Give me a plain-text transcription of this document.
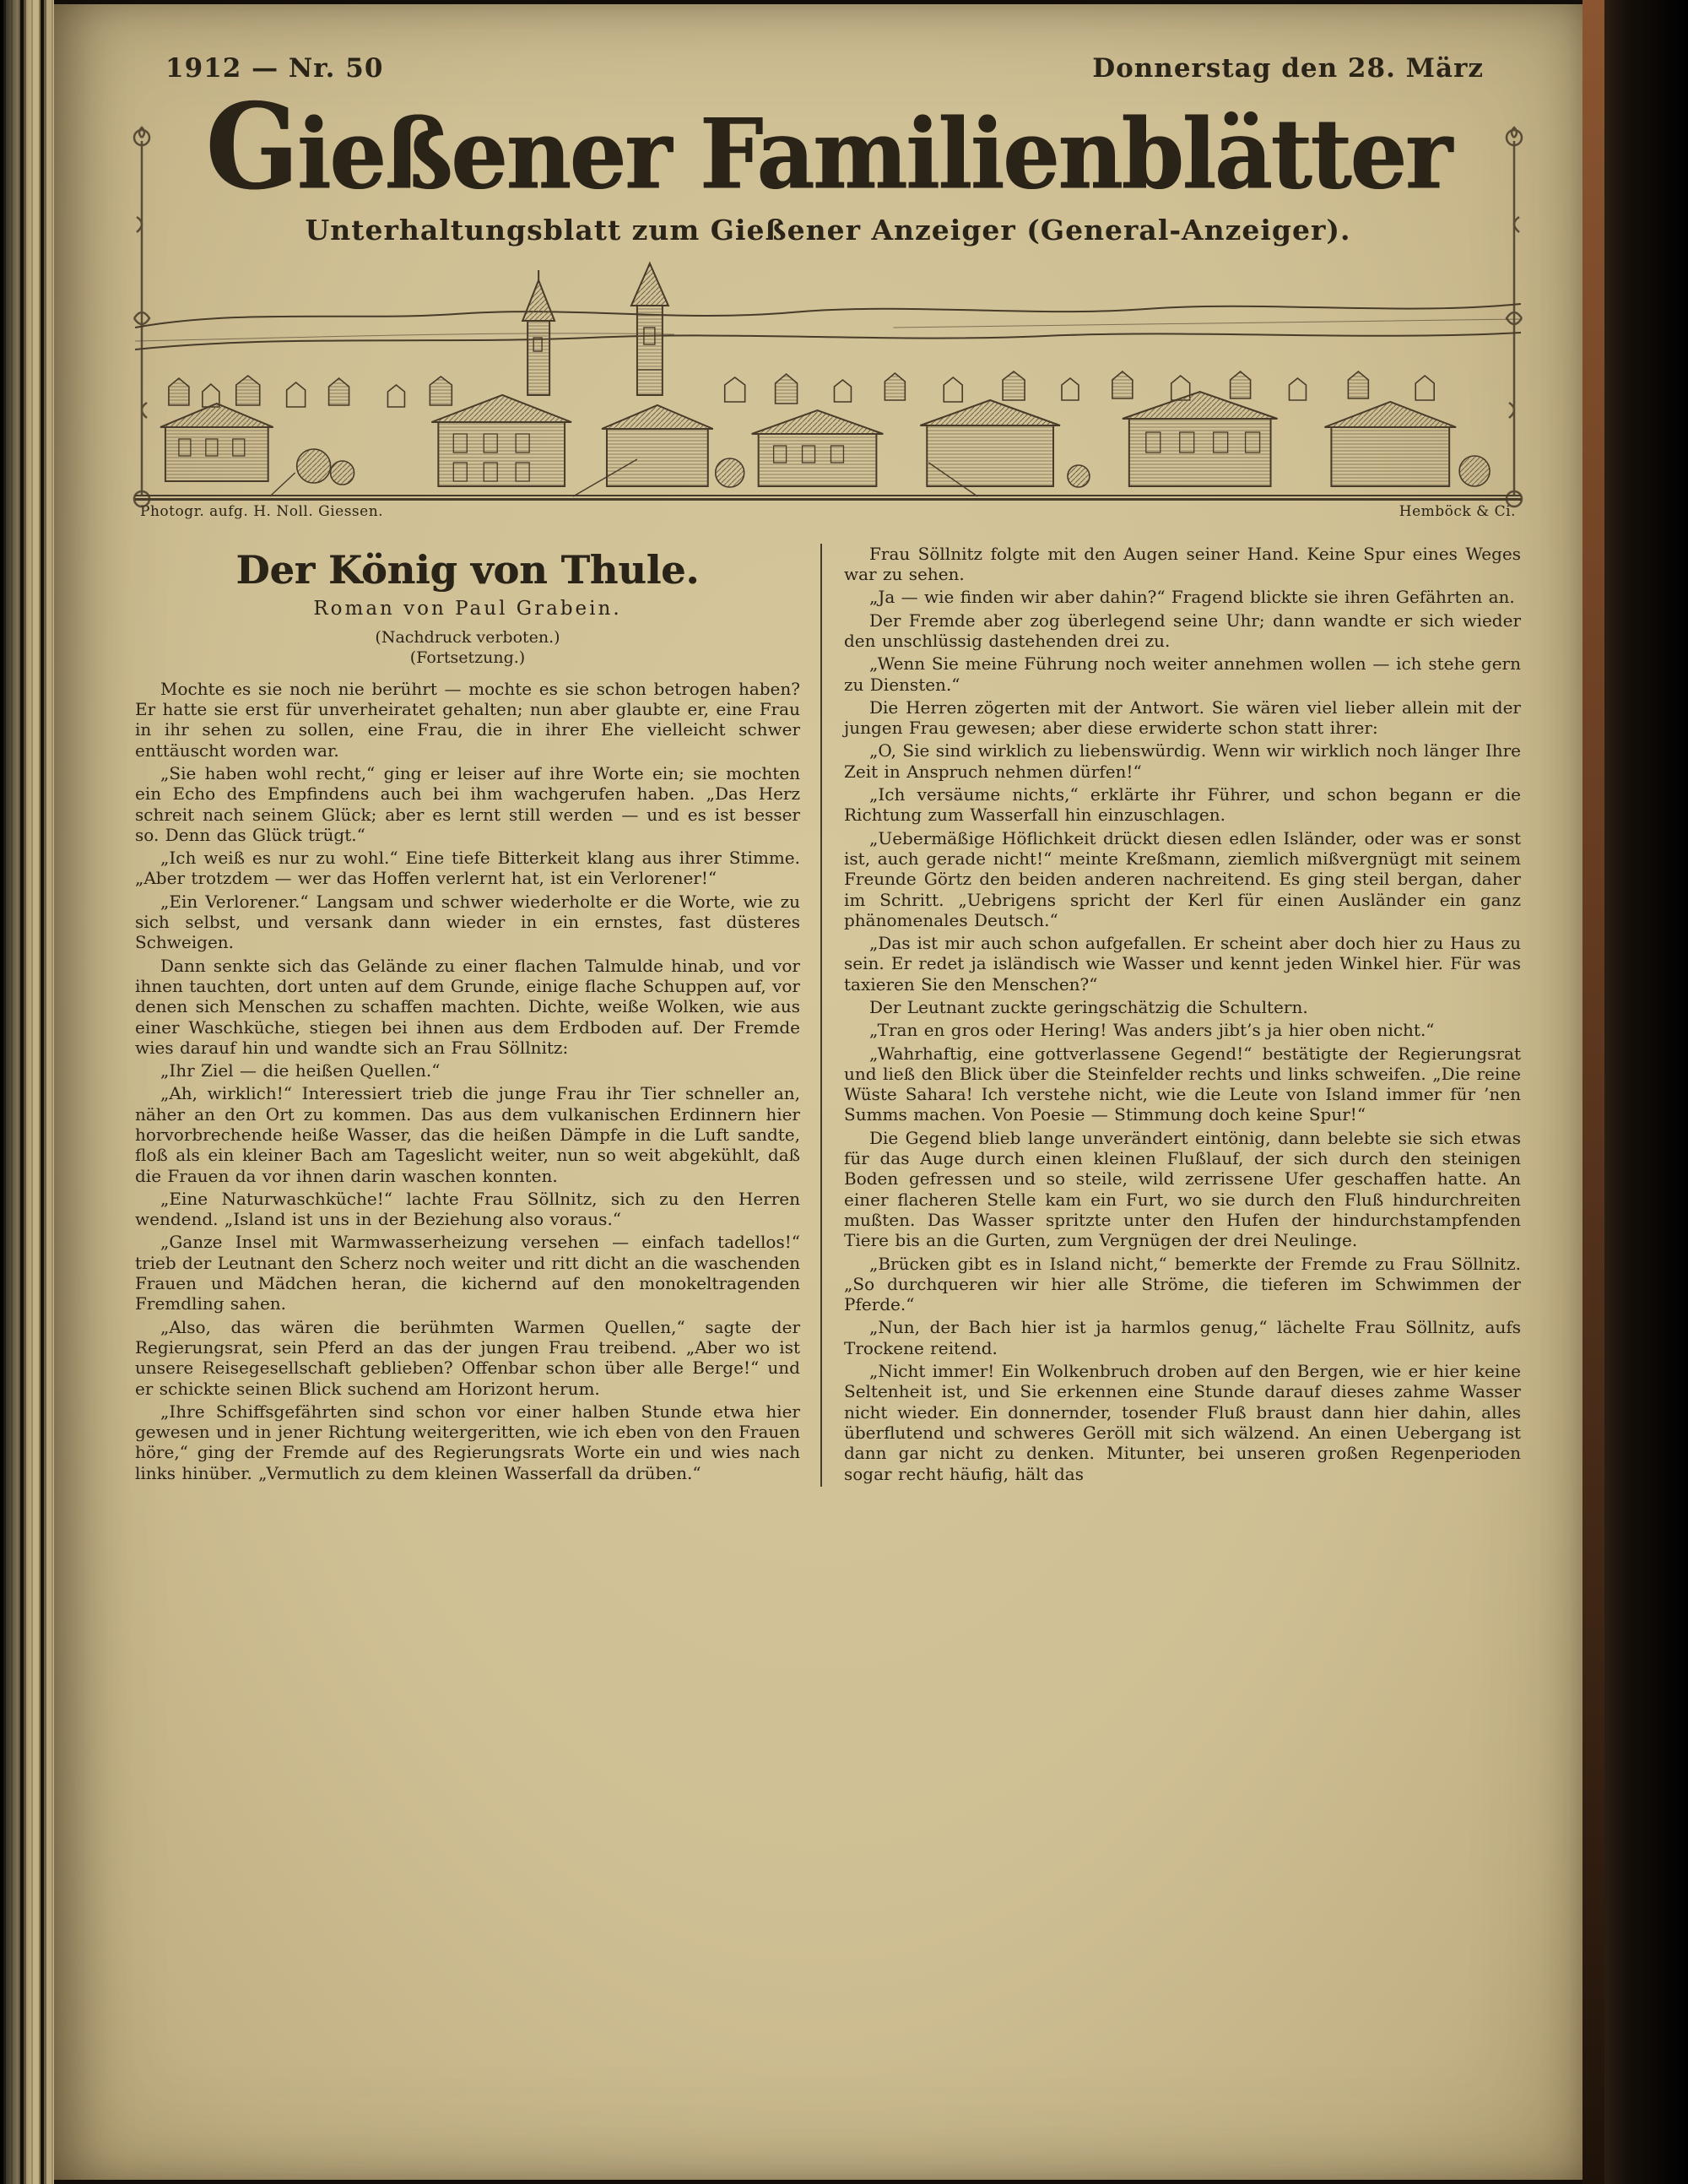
1912 — Nr. 50	Donnerstag den 28. März
Gießener Familienblätter
Unterhaltungsblatt zum Gießener Anzeiger (General-Anzeiger).
Photogr. aufg. H. Noll. Giessen.	Hemböck & Ci.
Der König von Thule.
Roman von Paul Grabein.
(Nachdruck verboten.)
(Fortsetzung.)

Mochte es sie noch nie berührt — mochte es sie schon betrogen haben? Er hatte sie erst für unverheiratet gehalten; nun aber glaubte er, eine Frau in ihr sehen zu sollen, eine Frau, die in ihrer Ehe vielleicht schwer enttäuscht worden war.

„Sie haben wohl recht,“ ging er leiser auf ihre Worte ein; sie mochten ein Echo des Empfindens auch bei ihm wachgerufen haben. „Das Herz schreit nach seinem Glück; aber es lernt still werden — und es ist besser so. Denn das Glück trügt.“

„Ich weiß es nur zu wohl.“ Eine tiefe Bitterkeit klang aus ihrer Stimme. „Aber trotzdem — wer das Hoffen verlernt hat, ist ein Verlorener!“

„Ein Verlorener.“ Langsam und schwer wiederholte er die Worte, wie zu sich selbst, und versank dann wieder in ein ernstes, fast düsteres Schweigen.

Dann senkte sich das Gelände zu einer flachen Talmulde hinab, und vor ihnen tauchten, dort unten auf dem Grunde, einige flache Schuppen auf, vor denen sich Menschen zu schaffen machten. Dichte, weiße Wolken, wie aus einer Waschküche, stiegen bei ihnen aus dem Erdboden auf. Der Fremde wies darauf hin und wandte sich an Frau Söllnitz:

„Ihr Ziel — die heißen Quellen.“

„Ah, wirklich!“ Interessiert trieb die junge Frau ihr Tier schneller an, näher an den Ort zu kommen. Das aus dem vulkanischen Erdinnern hier horvorbrechende heiße Wasser, das die heißen Dämpfe in die Luft sandte, floß als ein kleiner Bach am Tageslicht weiter, nun so weit abgekühlt, daß die Frauen da vor ihnen darin waschen konnten.

„Eine Naturwaschküche!“ lachte Frau Söllnitz, sich zu den Herren wendend. „Island ist uns in der Beziehung also voraus.“

„Ganze Insel mit Warmwasserheizung versehen — einfach tadellos!“ trieb der Leutnant den Scherz noch weiter und ritt dicht an die waschenden Frauen und Mädchen heran, die kichernd auf den monokeltragenden Fremdling sahen.

„Also, das wären die berühmten Warmen Quellen,“ sagte der Regierungsrat, sein Pferd an das der jungen Frau treibend. „Aber wo ist unsere Reisegesellschaft geblieben? Offenbar schon über alle Berge!“ und er schickte seinen Blick suchend am Horizont herum.

„Ihre Schiffsgefährten sind schon vor einer halben Stunde etwa hier gewesen und in jener Richtung weitergeritten, wie ich eben von den Frauen höre,“ ging der Fremde auf des Regierungsrats Worte ein und wies nach links hinüber. „Vermutlich zu dem kleinen Wasserfall da drüben.“

Frau Söllnitz folgte mit den Augen seiner Hand. Keine Spur eines Weges war zu sehen.

„Ja — wie finden wir aber dahin?“ Fragend blickte sie ihren Gefährten an.

Der Fremde aber zog überlegend seine Uhr; dann wandte er sich wieder den unschlüssig dastehenden drei zu.

„Wenn Sie meine Führung noch weiter annehmen wollen — ich stehe gern zu Diensten.“

Die Herren zögerten mit der Antwort. Sie wären viel lieber allein mit der jungen Frau gewesen; aber diese erwiderte schon statt ihrer:

„O, Sie sind wirklich zu liebenswürdig. Wenn wir wirklich noch länger Ihre Zeit in Anspruch nehmen dürfen!“

„Ich versäume nichts,“ erklärte ihr Führer, und schon begann er die Richtung zum Wasserfall hin einzuschlagen.

„Uebermäßige Höflichkeit drückt diesen edlen Isländer, oder was er sonst ist, auch gerade nicht!“ meinte Kreßmann, ziemlich mißvergnügt mit seinem Freunde Görtz den beiden anderen nachreitend. Es ging steil bergan, daher im Schritt. „Uebrigens spricht der Kerl für einen Ausländer ein ganz phänomenales Deutsch.“

„Das ist mir auch schon aufgefallen. Er scheint aber doch hier zu Haus zu sein. Er redet ja isländisch wie Wasser und kennt jeden Winkel hier. Für was taxieren Sie den Menschen?“

Der Leutnant zuckte geringschätzig die Schultern.

„Tran en gros oder Hering! Was anders jibt’s ja hier oben nicht.“

„Wahrhaftig, eine gottverlassene Gegend!“ bestätigte der Regierungsrat und ließ den Blick über die Steinfelder rechts und links schweifen. „Die reine Wüste Sahara! Ich verstehe nicht, wie die Leute von Island immer für ’nen Summs machen. Von Poesie — Stimmung doch keine Spur!“

Die Gegend blieb lange unverändert eintönig, dann belebte sie sich etwas für das Auge durch einen kleinen Flußlauf, der sich durch den steinigen Boden gefressen und so steile, wild zerrissene Ufer geschaffen hatte. An einer flacheren Stelle kam ein Furt, wo sie durch den Fluß hindurchreiten mußten. Das Wasser spritzte unter den Hufen der hindurchstampfenden Tiere bis an die Gurten, zum Vergnügen der drei Neulinge.

„Brücken gibt es in Island nicht,“ bemerkte der Fremde zu Frau Söllnitz. „So durchqueren wir hier alle Ströme, die tieferen im Schwimmen der Pferde.“

„Nun, der Bach hier ist ja harmlos genug,“ lächelte Frau Söllnitz, aufs Trockene reitend.

„Nicht immer! Ein Wolkenbruch droben auf den Bergen, wie er hier keine Seltenheit ist, und Sie erkennen eine Stunde darauf dieses zahme Wasser nicht wieder. Ein donnernder, tosender Fluß braust dann hier dahin, alles überflutend und schweres Geröll mit sich wälzend. An einen Uebergang ist dann gar nicht zu denken. Mitunter, bei unseren großen Regenperioden sogar recht häufig, hält das
